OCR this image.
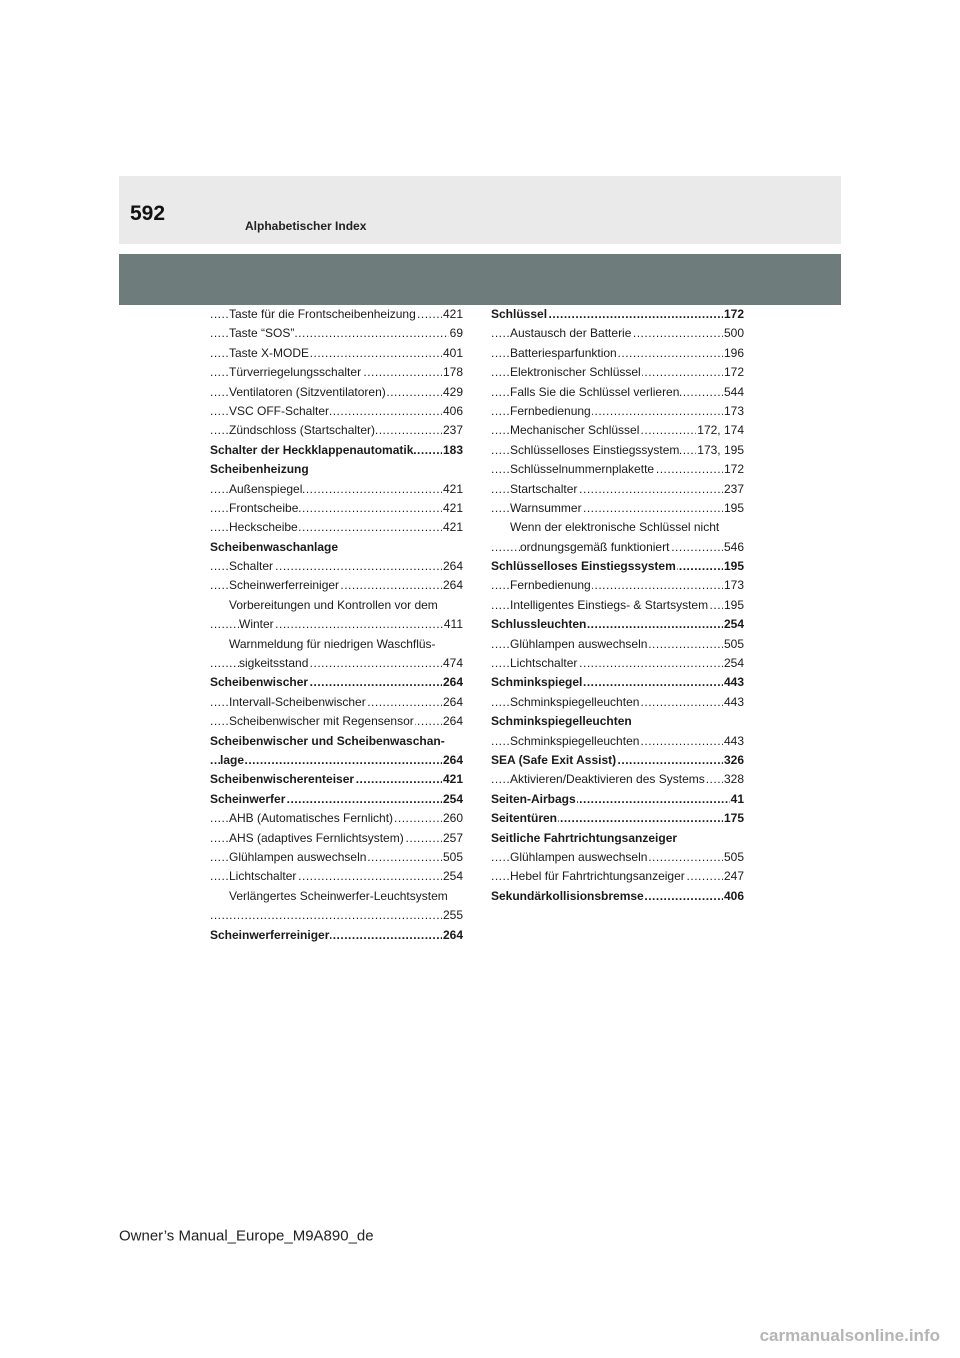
592
Alphabetischer Index
..... Taste für die Frontscheibenheizung 421
..... Taste “SOS”	69
..... Taste X-MODE	401
..... Türverriegelungsschalter	178
..... Ventilatoren (Sitzventilatoren)	429
..... VSC OFF-Schalter	406
..... Zündschloss (Startschalter)	237
..... Schalter der Heckklappenautomatik 183
Scheibenheizung
..... Außenspiegel	421
..... Frontscheibe	421
..... Heckscheibe	421
Scheibenwaschanlage
..... Schalter	264
..... Scheinwerferreiniger	264
Vorbereitungen und Kontrollen vor dem
..... Winter	411
Warnmeldung für niedrigen Waschflüs-
..... sigkeitsstand	474
..... Scheibenwischer	264
..... Intervall-Scheibenwischer	264
..... Scheibenwischer mit Regensensor 264
Scheibenwischer und Scheibenwaschan-
..... lage	264
..... Scheibenwischerenteiser	421
..... Scheinwerfer	254
..... AHB (Automatisches Fernlicht)	260
..... AHS (adaptives Fernlichtsystem)	257
..... Glühlampen auswechseln	505
..... Lichtschalter	254
Verlängertes Scheinwerfer-Leuchtsystem
..... 255
..... Scheinwerferreiniger	264
..... Schlüssel	172
..... Austausch der Batterie	500
..... Batteriesparfunktion	196
..... Elektronischer Schlüssel	172
..... Falls Sie die Schlüssel verlieren	544
..... Fernbedienung	173
..... Mechanischer Schlüssel	172, 174
..... Schlüsselloses Einstiegssystem 173, 195
..... Schlüsselnummernplakette	172
..... Startschalter	237
..... Warnsummer	195
Wenn der elektronische Schlüssel nicht
..... ordnungsgemäß funktioniert	546
..... Schlüsselloses Einstiegssystem	195
..... Fernbedienung	173
..... Intelligentes Einstiegs- & Startsystem 195
..... Schlussleuchten	254
..... Glühlampen auswechseln	505
..... Lichtschalter	254
..... Schminkspiegel	443
..... Schminkspiegelleuchten	443
Schminkspiegelleuchten
..... Schminkspiegelleuchten	443
..... SEA (Safe Exit Assist)	326
..... Aktivieren/Deaktivieren des Systems 328
..... Seiten-Airbags	41
..... Seitentüren	175
Seitliche Fahrtrichtungsanzeiger
..... Glühlampen auswechseln	505
..... Hebel für Fahrtrichtungsanzeiger	247
..... Sekundärkollisionsbremse	406
Owner’s Manual_Europe_M9A890_de
carmanualsonline.info
